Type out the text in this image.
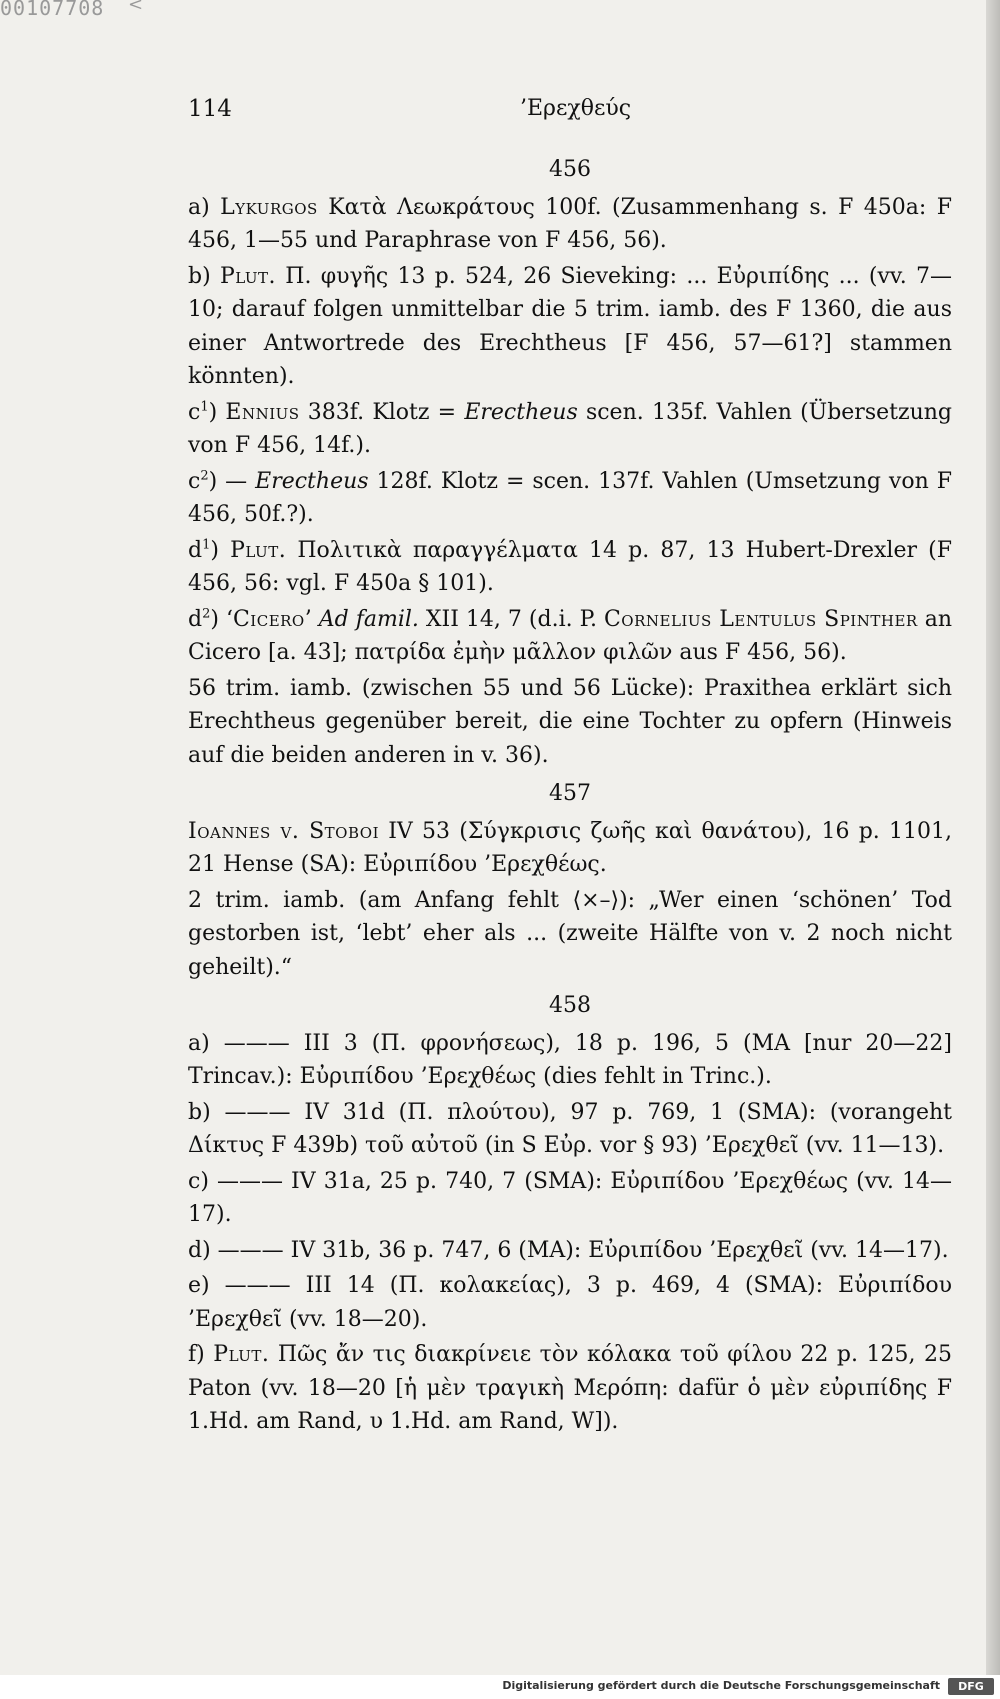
00107708 <
114	’Ερεχθεύς
456
a) Lykurgos Κατὰ Λεωκράτους 100f. (Zusammenhang s. F 450a: F 456, 1—55 und Paraphrase von F 456, 56).
b) Plut. Π. φυγῆς 13 p. 524, 26 Sieveking: ... Εὐριπίδης ... (vv. 7—10; darauf folgen unmittelbar die 5 trim. iamb. des F 1360, die aus einer Antwortrede des Erechtheus [F 456, 57—61?] stammen könnten).
$c^1$) Ennius 383f. Klotz = Erectheus scen. 135f. Vahlen (Übersetzung von F 456, 14f.).
$c^2$) — Erectheus 128f. Klotz = scen. 137f. Vahlen (Umsetzung von F 456, 50f.?).
$d^1$) Plut. Πολιτικὰ παραγγέλματα 14 p. 87, 13 Hubert-Drexler (F 456, 56: vgl. F 450a § 101).
$d^2$) ‘Cicero’ Ad famil. XII 14, 7 (d.i. P. Cornelius Lentulus Spinther an Cicero [a. 43]; πατρίδα ἐμὴν μᾶλλον φιλῶν aus F 456, 56).
56 trim. iamb. (zwischen 55 und 56 Lücke): Praxithea erklärt sich Erechtheus gegenüber bereit, die eine Tochter zu opfern (Hinweis auf die beiden anderen in v. 36).
457
Ioannes v. Stoboi IV 53 (Σύγκρισις ζωῆς καὶ θανάτου), 16 p. 1101, 21 Hense (SA): Εὐριπίδου ’Ερεχθέως.
2 trim. iamb. (am Anfang fehlt ⟨×–⟩): „Wer einen ‘schönen’ Tod gestorben ist, ‘lebt’ eher als ... (zweite Hälfte von v. 2 noch nicht geheilt).“
458
a) ——— III 3 (Π. φρονήσεως), 18 p. 196, 5 (MA [nur 20—22] Trincav.): Εὐριπίδου ’Ερεχθέως (dies fehlt in Trinc.).
b) ——— IV 31d (Π. πλούτου), 97 p. 769, 1 (SMA): (vorangeht Δίκτυς F 439b) τοῦ αὐτοῦ (in S Εὐρ. vor § 93) ’Ερεχθεῖ (vv. 11—13).
c) ——— IV 31a, 25 p. 740, 7 (SMA): Εὐριπίδου ’Ερεχθέως (vv. 14—17).
d) ——— IV 31b, 36 p. 747, 6 (MA): Εὐριπίδου ’Ερεχθεῖ (vv. 14—17).
e) ——— III 14 (Π. κολακείας), 3 p. 469, 4 (SMA): Εὐριπίδου ’Ερεχθεῖ (vv. 18—20).
f) Plut. Πῶς ἄν τις διακρίνειε τὸν κόλακα τοῦ φίλου 22 p. 125, 25 Paton (vv. 18—20 [ἡ μὲν τραγικὴ Μερόπη: dafür ὁ μὲν εὐριπίδης F 1.Hd. am Rand, υ 1.Hd. am Rand, W]).
Digitalisierung gefördert durch die Deutsche Forschungsgemeinschaft	DFG
